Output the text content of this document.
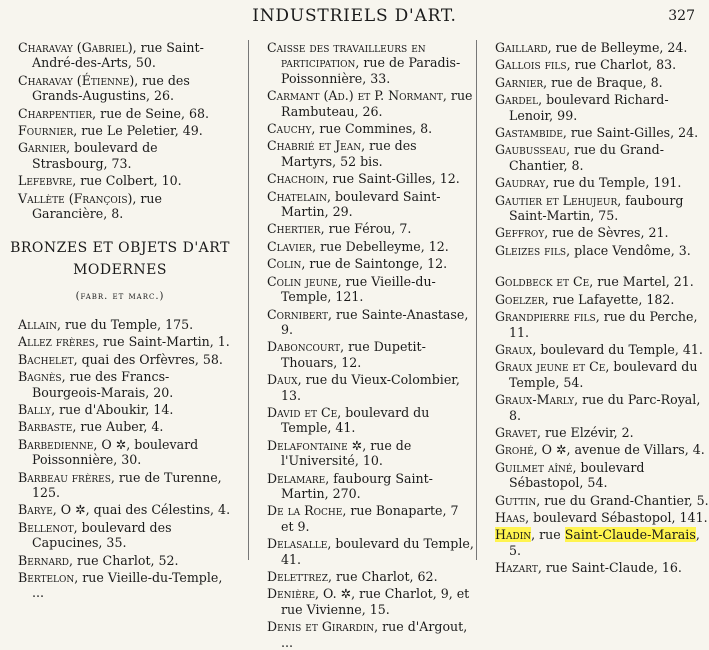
INDUSTRIELS D'ART.	327
Charavay (Gabriel), rue Saint-André-des-Arts, 50.
Charavay (Étienne), rue des Grands-Augustins, 26.
Charpentier, rue de Seine, 68.
Fournier, rue Le Peletier, 49.
Garnier, boulevard de Strasbourg, 73.
Lefebvre, rue Colbert, 10.
Vallète (François), rue Garancière, 8.
BRONZES ET OBJETS D'ART
MODERNES
(fabr. et marc.)
Allain, rue du Temple, 175.
Allez frères, rue Saint-Martin, 1.
Bachelet, quai des Orfèvres, 58.
Bagnès, rue des Francs-Bourgeois-Marais, 20.
Bally, rue d'Aboukir, 14.
Barbaste, rue Auber, 4.
Barbedienne, O ✲, boulevard Poissonnière, 30.
Barbeau frères, rue de Turenne, 125.
Barye, O ✲, quai des Célestins, 4.
Bellenot, boulevard des Capucines, 35.
Bernard, rue Charlot, 52.
Bertelon, rue Vieille-du-Temple, ...
Caisse des travailleurs en participation, rue de Paradis-Poissonnière, 33.
Carmant (Ad.) et P. Normant, rue Rambuteau, 26.
Cauchy, rue Commines, 8.
Chabrié et Jean, rue des Martyrs, 52 bis.
Chachoin, rue Saint-Gilles, 12.
Chatelain, boulevard Saint-Martin, 29.
Chertier, rue Férou, 7.
Clavier, rue Debelleyme, 12.
Colin, rue de Saintonge, 12.
Colin jeune, rue Vieille-du-Temple, 121.
Cornibert, rue Sainte-Anastase, 9.
Daboncourt, rue Dupetit-Thouars, 12.
Daux, rue du Vieux-Colombier, 13.
David et Ce, boulevard du Temple, 41.
Delafontaine ✲, rue de l'Université, 10.
Delamare, faubourg Saint-Martin, 270.
De la Roche, rue Bonaparte, 7 et 9.
Delasalle, boulevard du Temple, 41.
Delettrez, rue Charlot, 62.
Denière, O. ✲, rue Charlot, 9, et rue Vivienne, 15.
Denis et Girardin, rue d'Argout, ...
Gaillard, rue de Belleyme, 24.
Gallois fils, rue Charlot, 83.
Garnier, rue de Braque, 8.
Gardel, boulevard Richard-Lenoir, 99.
Gastambide, rue Saint-Gilles, 24.
Gaubusseau, rue du Grand-Chantier, 8.
Gaudray, rue du Temple, 191.
Gautier et Lehujeur, faubourg Saint-Martin, 75.
Geffroy, rue de Sèvres, 21.
Gleizes fils, place Vendôme, 3.
Goldbeck et Ce, rue Martel, 21.
Goelzer, rue Lafayette, 182.
Grandpierre fils, rue du Perche, 11.
Graux, boulevard du Temple, 41.
Graux jeune et Ce, boulevard du Temple, 54.
Graux-Marly, rue du Parc-Royal, 8.
Gravet, rue Elzévir, 2.
Grohé, O ✲, avenue de Villars, 4.
Guilmet aîné, boulevard Sébastopol, 54.
Guttin, rue du Grand-Chantier, 5.
Haas, boulevard Sébastopol, 141.
Hadin, rue Saint-Claude-Marais, 5.
Hazart, rue Saint-Claude, 16.
